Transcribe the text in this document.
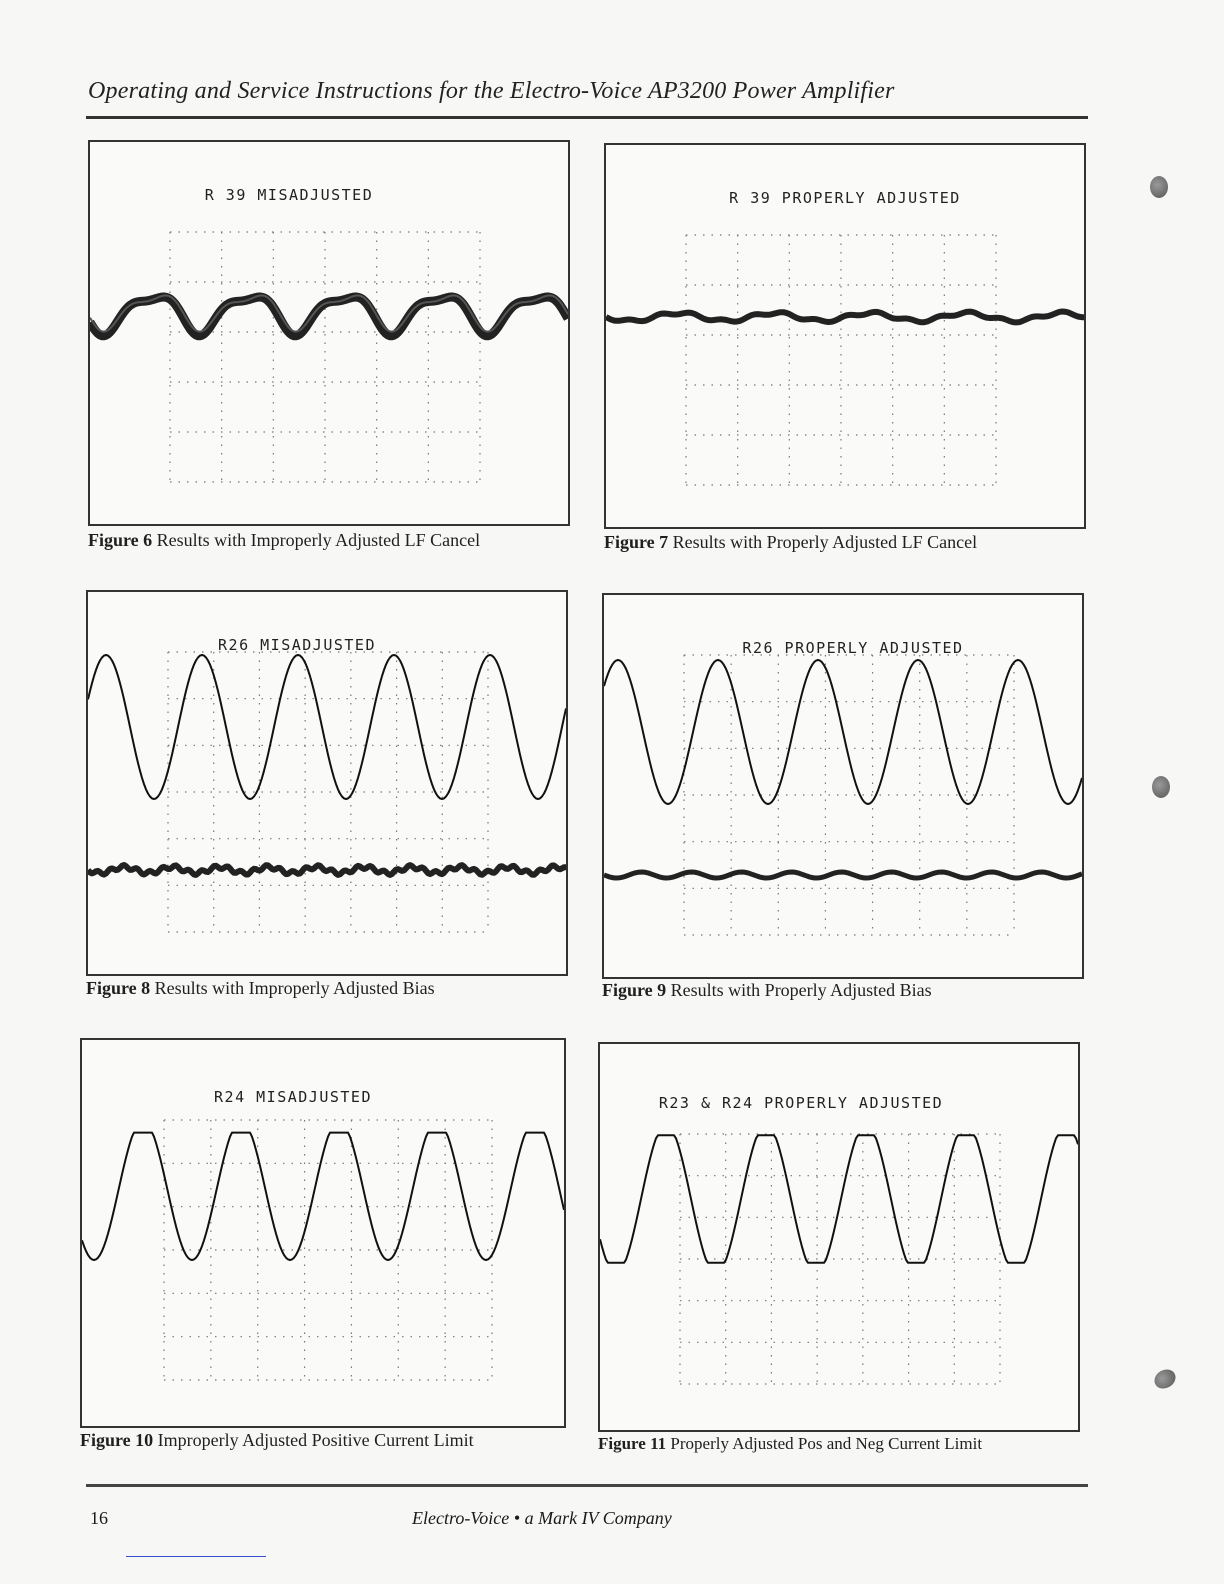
Operating and Service Instructions for the Electro-Voice AP3200 Power Amplifier
R 39 MISADJUSTED
Figure 6 Results with Improperly Adjusted LF Cancel
R 39 PROPERLY ADJUSTED
Figure 7 Results with Properly Adjusted LF Cancel
R26 MISADJUSTED
Figure 8 Results with Improperly Adjusted Bias
R26 PROPERLY ADJUSTED
Figure 9 Results with Properly Adjusted Bias
R24 MISADJUSTED
Figure 10 Improperly Adjusted Positive Current Limit
R23 & R24 PROPERLY ADJUSTED
Figure 11 Properly Adjusted Pos and Neg Current Limit
16	Electro-Voice • a Mark IV Company
